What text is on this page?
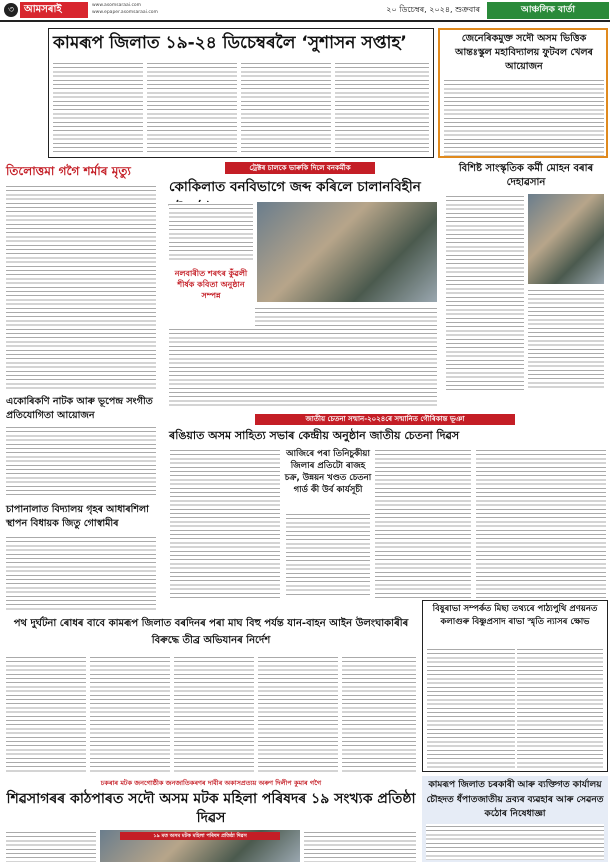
৩	আমসৰাই	www.asomsaraai.com
www.epaper.asomsaraai.com	২০ ডিচেম্বৰ, ২০২৪, শুক্ৰবাৰ	আঞ্চলিক বাৰ্তা
কামৰূপ জিলাত ১৯-২৪ ডিচেম্বৰলৈ ‘সুশাসন সপ্তাহ’	জেনেৰিকমুক্ত সদৌ অসম ভিত্তিক আন্তঃস্কুল মহাবিদ্যালয় ফুটবল খেলৰ আয়োজন
তিলোত্তমা গগৈ শৰ্মাৰ মৃত্যু	ট্ৰেক্টৰ চালকে ভাৰুকি দিলে বনকৰ্মীক
কোকিলাত বনবিভাগে জব্দ কৰিলে চালানবিহীন
নলবাৰীত শৰৎৰ কুঁৱলী শীৰ্ষক কবিতা অনুষ্ঠান সম্পন্ন
বিশিষ্ট সাংস্কৃতিক কৰ্মী মোহন বৰাৰ দেহাৱসান
একোৰিকণি নাটক আৰু ভূপেন্দ্ৰ সংগীত প্ৰতিযোগিতা আয়োজন	জাতীয় চেতনা সন্মান-২০২৪ৰে সন্মানিত গৌৰিকান্ত ভূঞা
ৰঙিয়াত অসম সাহিত্য সভাৰ কেন্দ্ৰীয় অনুষ্ঠান জাতীয় চেতনা দিৱস
আজিৰে পৰা তিনিচুকীয়া জিলাৰ প্ৰতিটো ৰাজহ চক্ৰ, উন্নয়ন খণ্ডত চেতনা গাৰ্ড কী উৰ্ব কাৰ্যসূচী
চাপানালাত বিদ্যালয় গৃহৰ আধাৰশিলা স্থাপন বিধায়ক জিতু গোস্বামীৰ
বিষুৰাভা সম্পৰ্কত মিছা তথ্যৰে পাঠ্যপুথি প্ৰণয়নত কলাগুৰু বিষ্ণুপ্ৰসাদ ৰাভা স্মৃতি ন্যাসৰ ক্ষোভ
পথ দুৰ্ঘটনা ৰোধৰ বাবে কামৰূপ জিলাত বৰদিনৰ পৰা মাঘ বিহু পৰ্যন্ত যান-বাহন আইন উলংঘাকাৰীৰ বিৰুদ্ধে তীব্ৰ অভিযানৰ নিৰ্দেশ
চকৰাৰ মটক জনগোষ্ঠীক জনজাতিকৰণৰ দাবীৰ অকাসপ্ৰত্যয় অৰুণ দিলীপ কুমাৰ গগৈ
শিৱসাগৰৰ কাঠপাৰত সদৌ অসম মটক মহিলা পৰিষদৰ ১৯ সংখ্যক প্ৰতিষ্ঠা দিৱস
১৯ মত অসম মটক মহিলা পৰিষদ প্ৰতিষ্ঠা দিৱস
কামৰূপ জিলাত চৰকাৰী আৰু ব্যক্তিগত কাৰ্যালয় চৌহদত ধঁপাতজাতীয় দ্ৰব্যৰ ব্যৱহাৰ আৰু সেৱনত কঠোৰ নিষেধাজ্ঞা
